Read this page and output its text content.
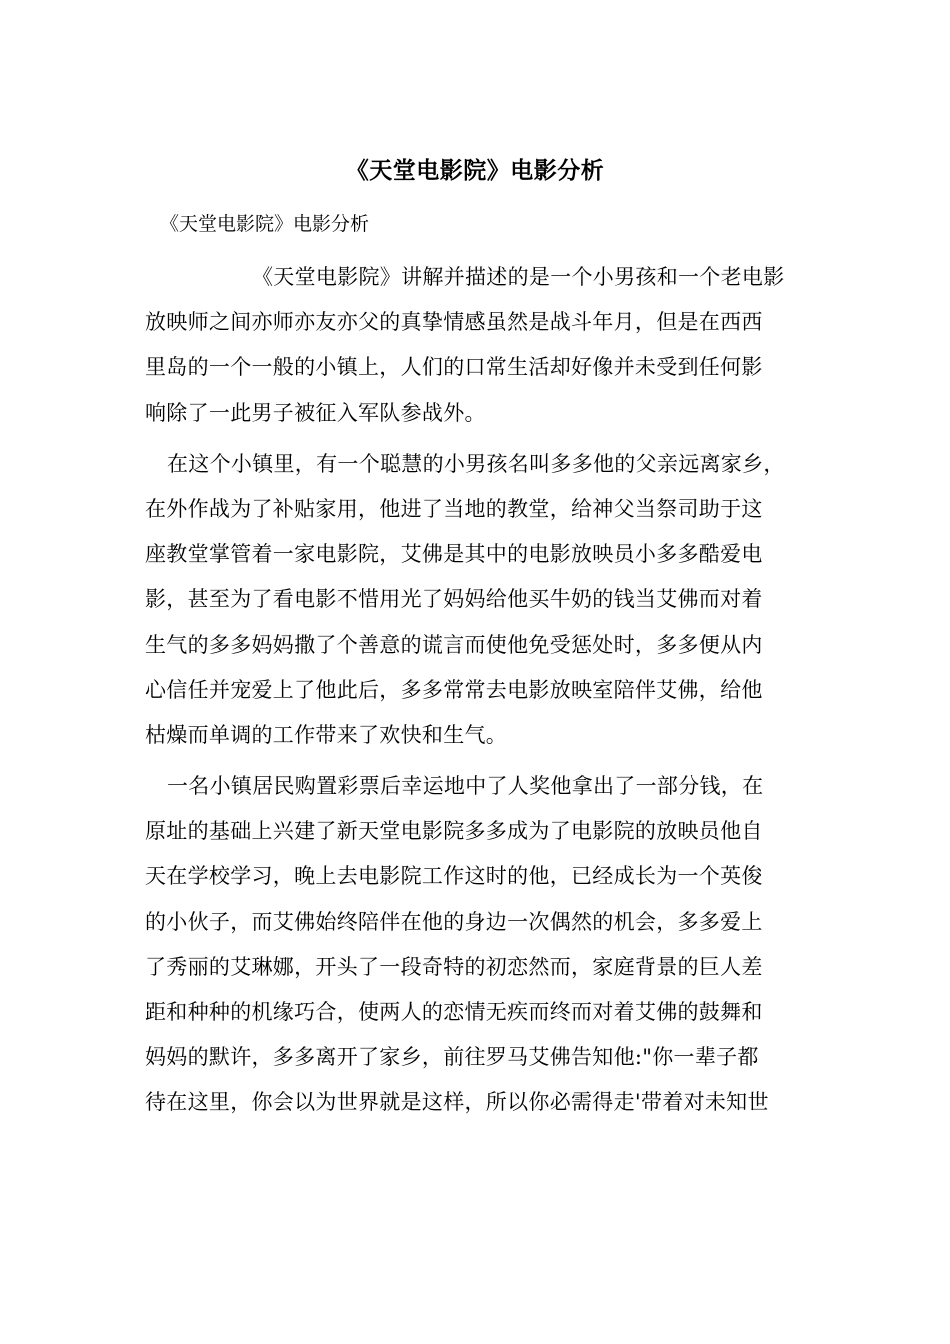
《天堂电影院》电影分析
《天堂电影院》电影分析
《天堂电影院》讲解并描述的是一个小男孩和一个老电影
放映师之间亦师亦友亦父的真挚情感虽然是战斗年月，但是在西西
里岛的一个一般的小镇上，人们的口常生活却好像并未受到任何影
响除了一此男子被征入军队参战外。
在这个小镇里，有一个聪慧的小男孩名叫多多他的父亲远离家乡，
在外作战为了补贴家用，他进了当地的教堂，给神父当祭司助于这
座教堂掌管着一家电影院，艾佛是其中的电影放映员小多多酷爱电
影，甚至为了看电影不惜用光了妈妈给他买牛奶的钱当艾佛而对着
生气的多多妈妈撒了个善意的谎言而使他免受惩处时，多多便从内
心信任并宠爱上了他此后，多多常常去电影放映室陪伴艾佛，给他
枯燥而单调的工作带来了欢快和生气。
一名小镇居民购置彩票后幸运地中了人奖他拿出了一部分钱，在
原址的基础上兴建了新天堂电影院多多成为了电影院的放映员他自
天在学校学习，晚上去电影院工作这时的他，已经成长为一个英俊
的小伙子，而艾佛始终陪伴在他的身边一次偶然的机会，多多爱上
了秀丽的艾琳娜，开头了一段奇特的初恋然而，家庭背景的巨人差
距和种种的机缘巧合，使两人的恋情无疾而终而对着艾佛的鼓舞和
妈妈的默许，多多离开了家乡，前往罗马艾佛告知他:"你一辈子都
待在这里，你会以为世界就是这样，所以你必需得走'带着对未知世
